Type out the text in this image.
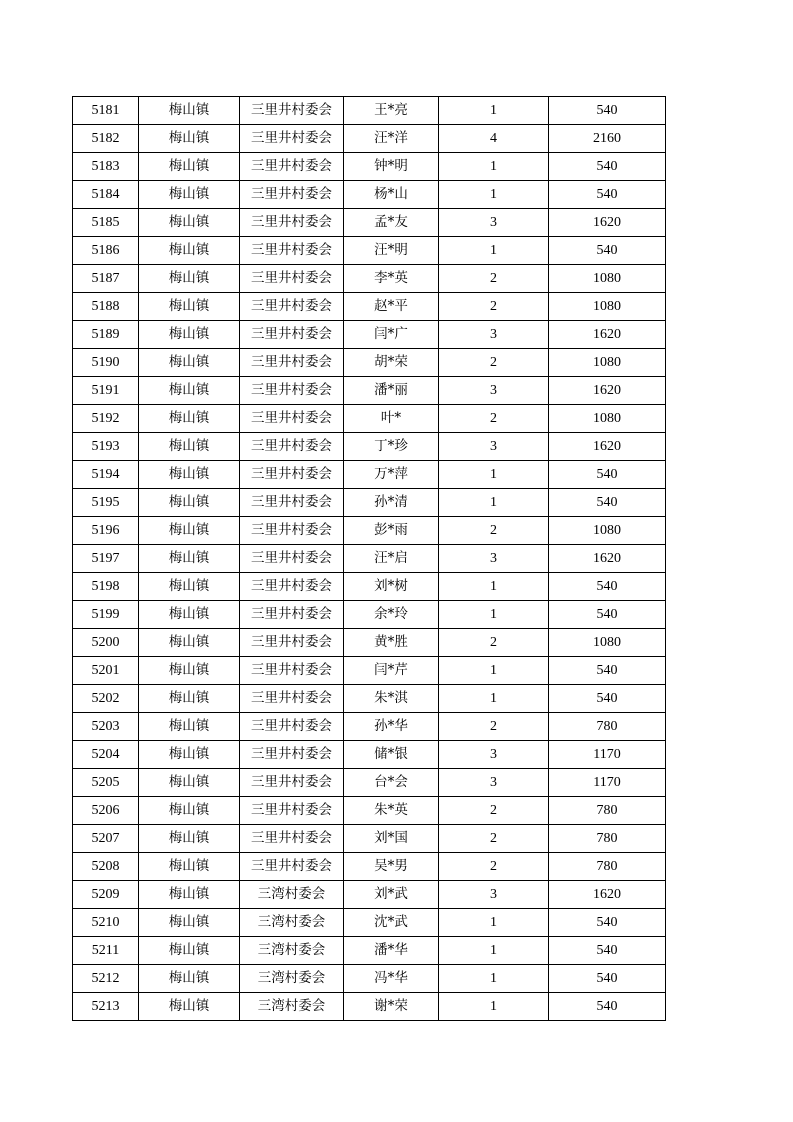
5181	梅山镇	三里井村委会	王*亮	1	540
5182	梅山镇	三里井村委会	汪*洋	4	2160
5183	梅山镇	三里井村委会	钟*明	1	540
5184	梅山镇	三里井村委会	杨*山	1	540
5185	梅山镇	三里井村委会	孟*友	3	1620
5186	梅山镇	三里井村委会	汪*明	1	540
5187	梅山镇	三里井村委会	李*英	2	1080
5188	梅山镇	三里井村委会	赵*平	2	1080
5189	梅山镇	三里井村委会	闫*广	3	1620
5190	梅山镇	三里井村委会	胡*荣	2	1080
5191	梅山镇	三里井村委会	潘*丽	3	1620
5192	梅山镇	三里井村委会	叶*	2	1080
5193	梅山镇	三里井村委会	丁*珍	3	1620
5194	梅山镇	三里井村委会	万*萍	1	540
5195	梅山镇	三里井村委会	孙*清	1	540
5196	梅山镇	三里井村委会	彭*雨	2	1080
5197	梅山镇	三里井村委会	汪*启	3	1620
5198	梅山镇	三里井村委会	刘*树	1	540
5199	梅山镇	三里井村委会	余*玲	1	540
5200	梅山镇	三里井村委会	黄*胜	2	1080
5201	梅山镇	三里井村委会	闫*芹	1	540
5202	梅山镇	三里井村委会	朱*淇	1	540
5203	梅山镇	三里井村委会	孙*华	2	780
5204	梅山镇	三里井村委会	储*银	3	1170
5205	梅山镇	三里井村委会	台*会	3	1170
5206	梅山镇	三里井村委会	朱*英	2	780
5207	梅山镇	三里井村委会	刘*国	2	780
5208	梅山镇	三里井村委会	吴*男	2	780
5209	梅山镇	三湾村委会	刘*武	3	1620
5210	梅山镇	三湾村委会	沈*武	1	540
5211	梅山镇	三湾村委会	潘*华	1	540
5212	梅山镇	三湾村委会	冯*华	1	540
5213	梅山镇	三湾村委会	谢*荣	1	540
